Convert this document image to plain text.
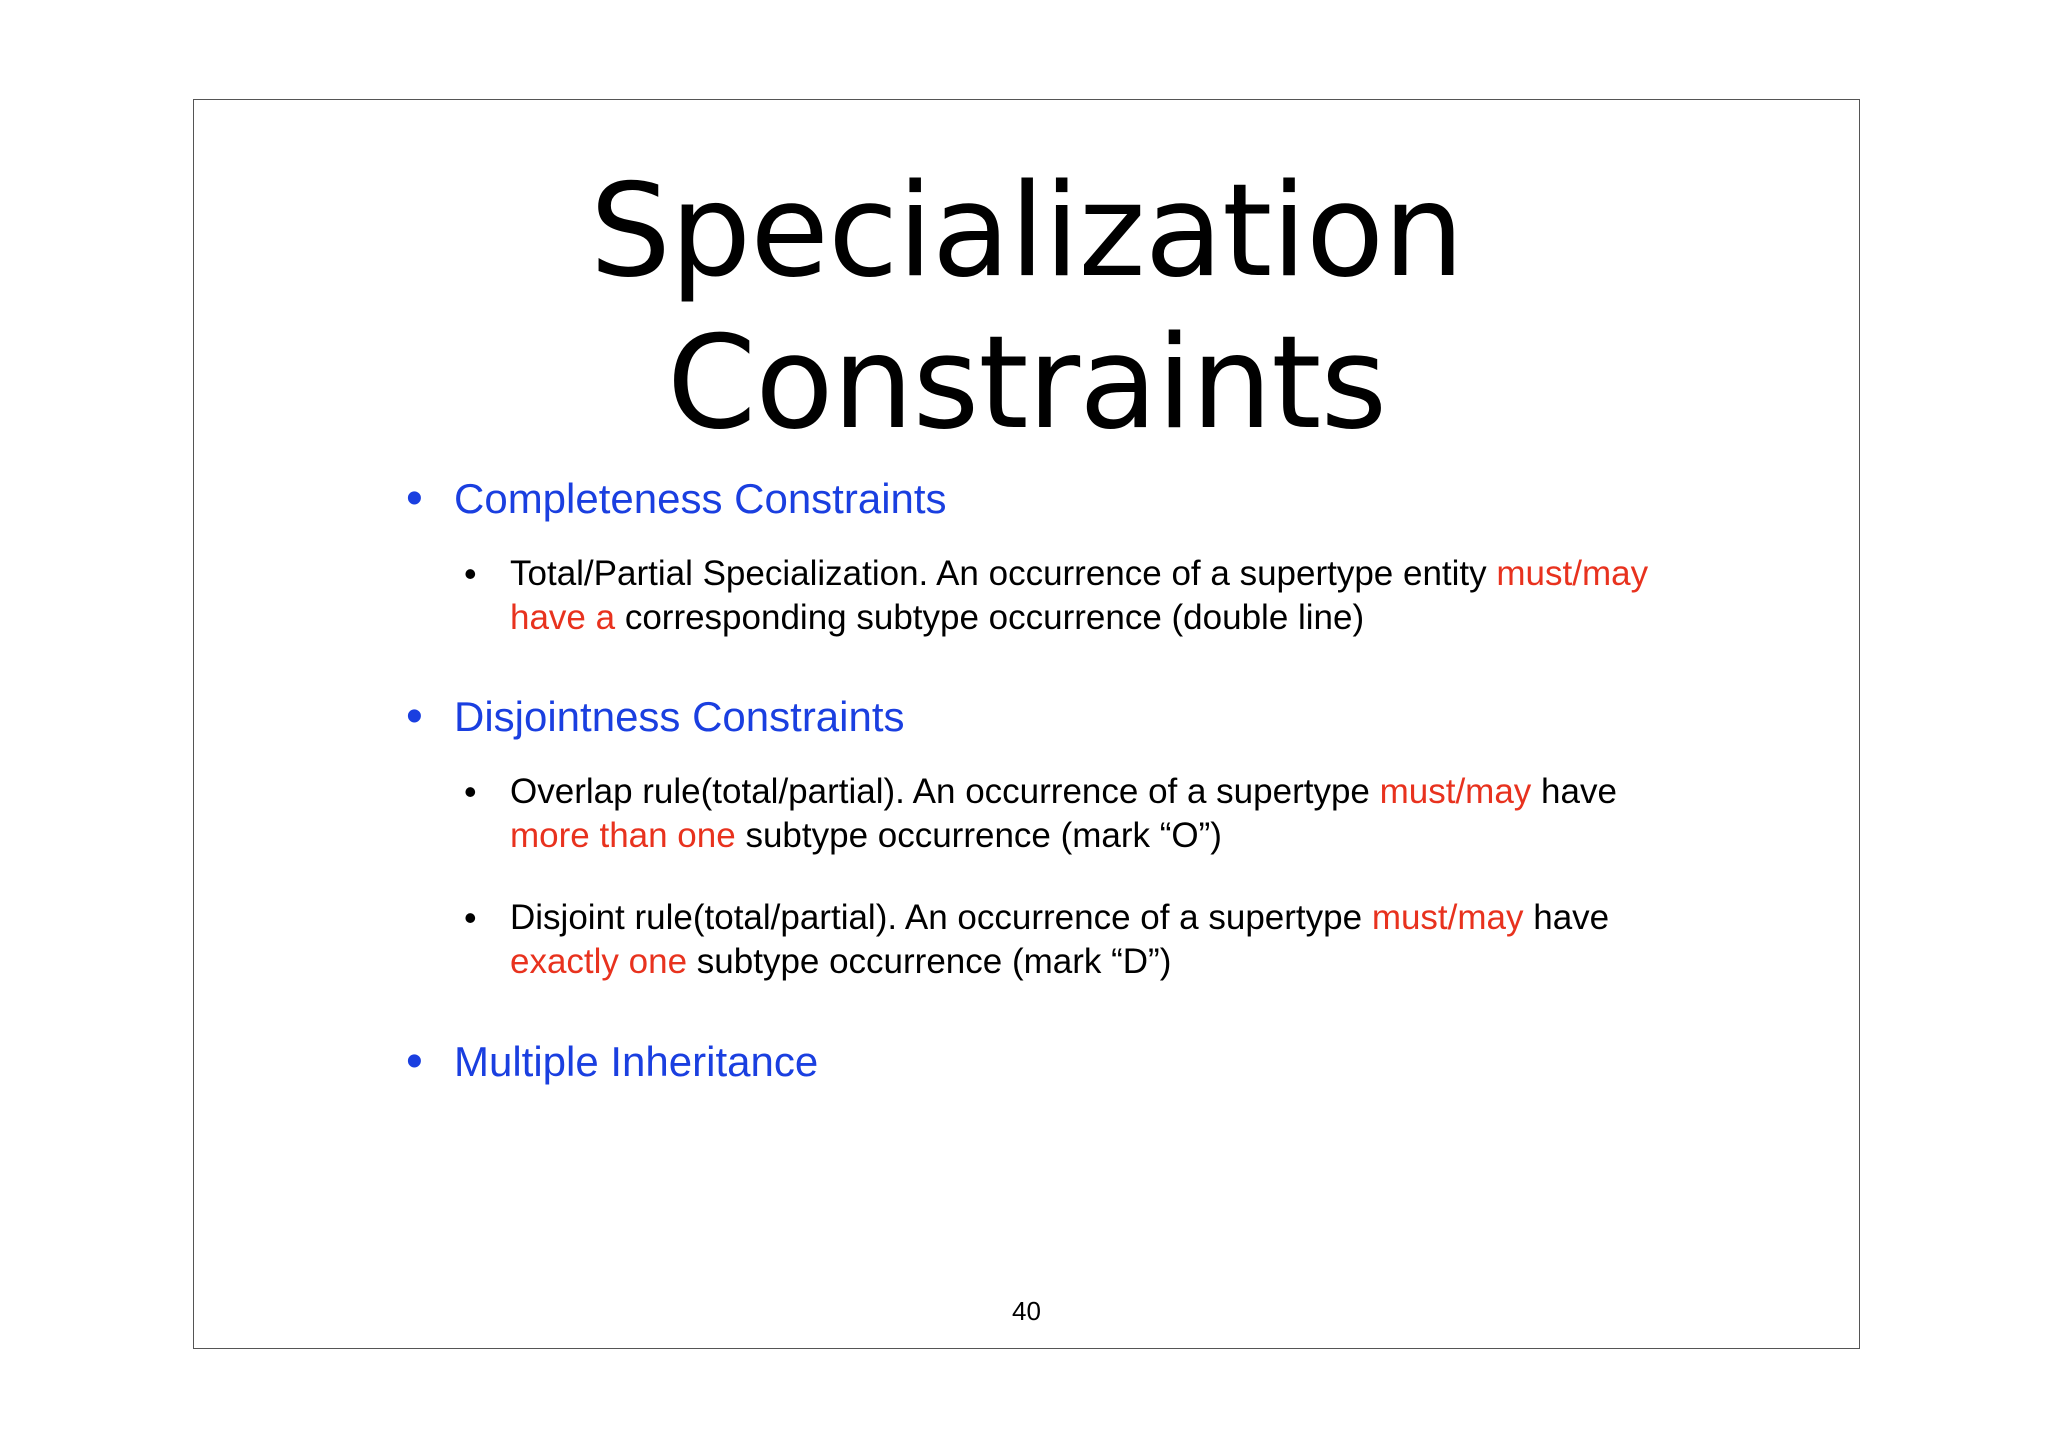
Specialization
Constraints
• Completeness Constraints
• Total/Partial Specialization. An occurrence of a supertype entity must/may
have a corresponding subtype occurrence (double line)
• Disjointness Constraints
• Overlap rule(total/partial). An occurrence of a supertype must/may have
more than one subtype occurrence (mark “O”)
• Disjoint rule(total/partial). An occurrence of a supertype must/may have
exactly one subtype occurrence (mark “D”)
• Multiple Inheritance
40
